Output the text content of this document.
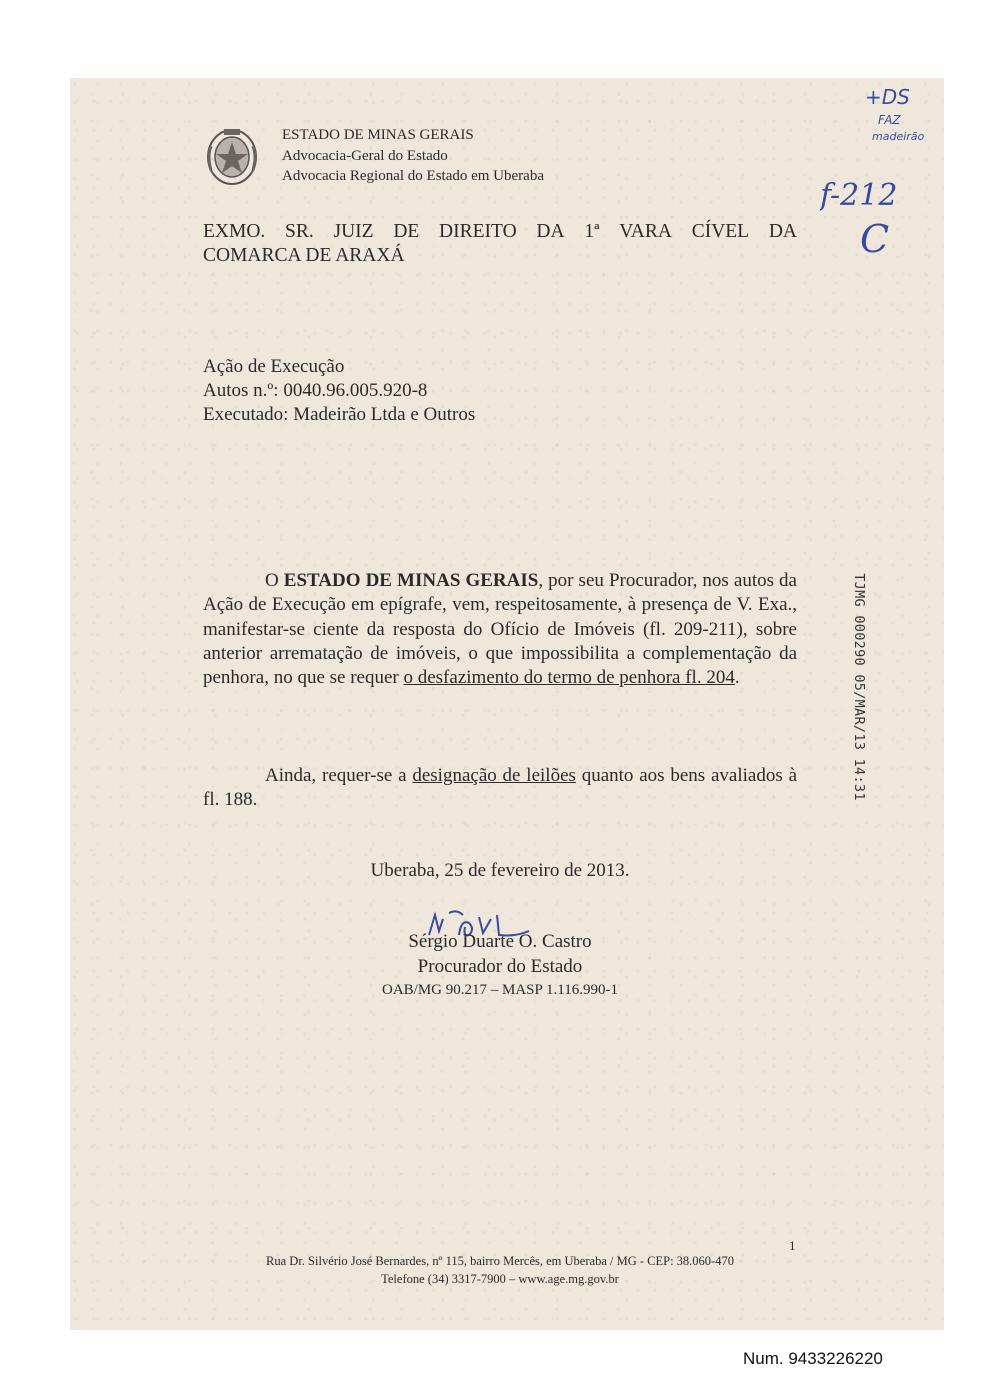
ESTADO DE MINAS GERAIS
Advocacia-Geral do Estado
Advocacia Regional do Estado em Uberaba
+DS
FAZ
madeirão
f-212
C
EXMO. SR. JUIZ DE DIREITO DA 1ª VARA CÍVEL DA
COMARCA DE ARAXÁ
Ação de Execução
Autos n.º: 0040.96.005.920-8
Executado: Madeirão Ltda e Outros
O ESTADO DE MINAS GERAIS, por seu Procurador, nos autos da Ação de Execução em epígrafe, vem, respeitosamente, à presença de V. Exa., manifestar-se ciente da resposta do Ofício de Imóveis (fl. 209-211), sobre anterior arrematação de imóveis, o que impossibilita a complementação da penhora, no que se requer o desfazimento do termo de penhora fl. 204.
Ainda, requer-se a designação de leilões quanto aos bens avaliados à fl. 188.
Uberaba, 25 de fevereiro de 2013.
Sérgio Duarte O. Castro
Procurador do Estado
OAB/MG 90.217 – MASP 1.116.990-1
Rua Dr. Silvério José Bernardes, nº 115, bairro Mercês, em Uberaba / MG - CEP: 38.060-470
Telefone (34) 3317-7900 – www.age.mg.gov.br
1
TJMG 000290 05/MAR/13 14:31
Num. 9433226220
